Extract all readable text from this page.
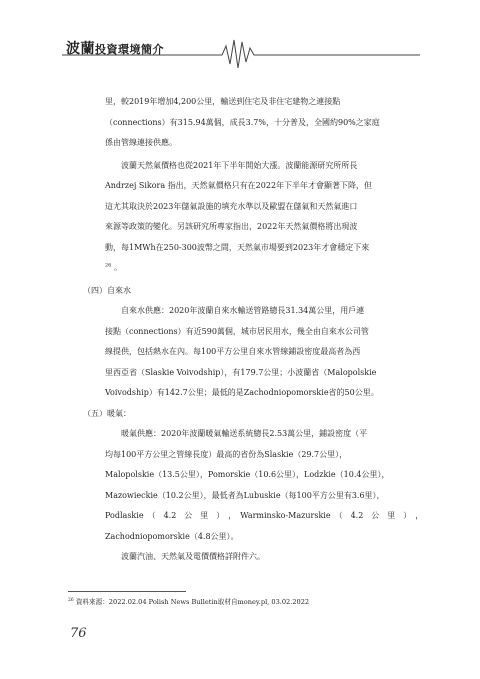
波蘭投資環境簡介

里，較2019年增加4,200公里，輸送到住宅及非住宅建物之連接點

（connections）有315.94萬個，成長3.7%，十分普及，全國約90%之家庭

係由管線連接供應。

波蘭天然氣價格也從2021年下半年開始大漲。波蘭能源研究所所長

Andrzej Sikora 指出，天然氣價格只有在2022年下半年才會顯著下降，但

這尤其取決於2023年儲氣設施的填充水準以及歐盟在儲氣和天然氣進口

來源等政策的變化。另該研究所專家指出，2022年天然氣價格將出現波

動，每1MWh在250-300波幣之間，天然氣市場要到2023年才會穩定下來

$^{26}$ 。

（四）自來水

自來水供應：2020年波蘭自來水輸送管路總長31.34萬公里，用戶連

接點（connections）有近590萬個，城市居民用水，幾全由自來水公司管

線提供，包括熱水在內。每100平方公里自來水管線鋪設密度最高者為西

里西亞省（Slaskie Voivodship），有179.7公里；小波蘭省（Malopolskie

Voivodship）有142.7公里；最低的是Zachodniopomorskie省的50公里。

（五）暖氣：

暖氣供應：2020年波蘭暖氣輸送系統總長2.53萬公里，鋪設密度（平

均每100平方公里之管線長度）最高的省份為Slaskie（29.7公里），

Malopolskie（13.5公里），Pomorskie（10.6公里），Lodzkie（10.4公里），

Mazowieckie（10.2公里），最低者為Lubuskie（每100平方公里有3.6里），

Podlaskie　（　4.2　公　里　）　，　Warminsko-Mazurskie　（　4.2　公　里　）　，

Zachodniopomorskie（4.8公里）。

波蘭汽油、天然氣及電價價格詳附件六。

$^{26}$ 資料來源：2022.02.04 Polish News Bulletin取材自money.pl, 03.02.2022
76
